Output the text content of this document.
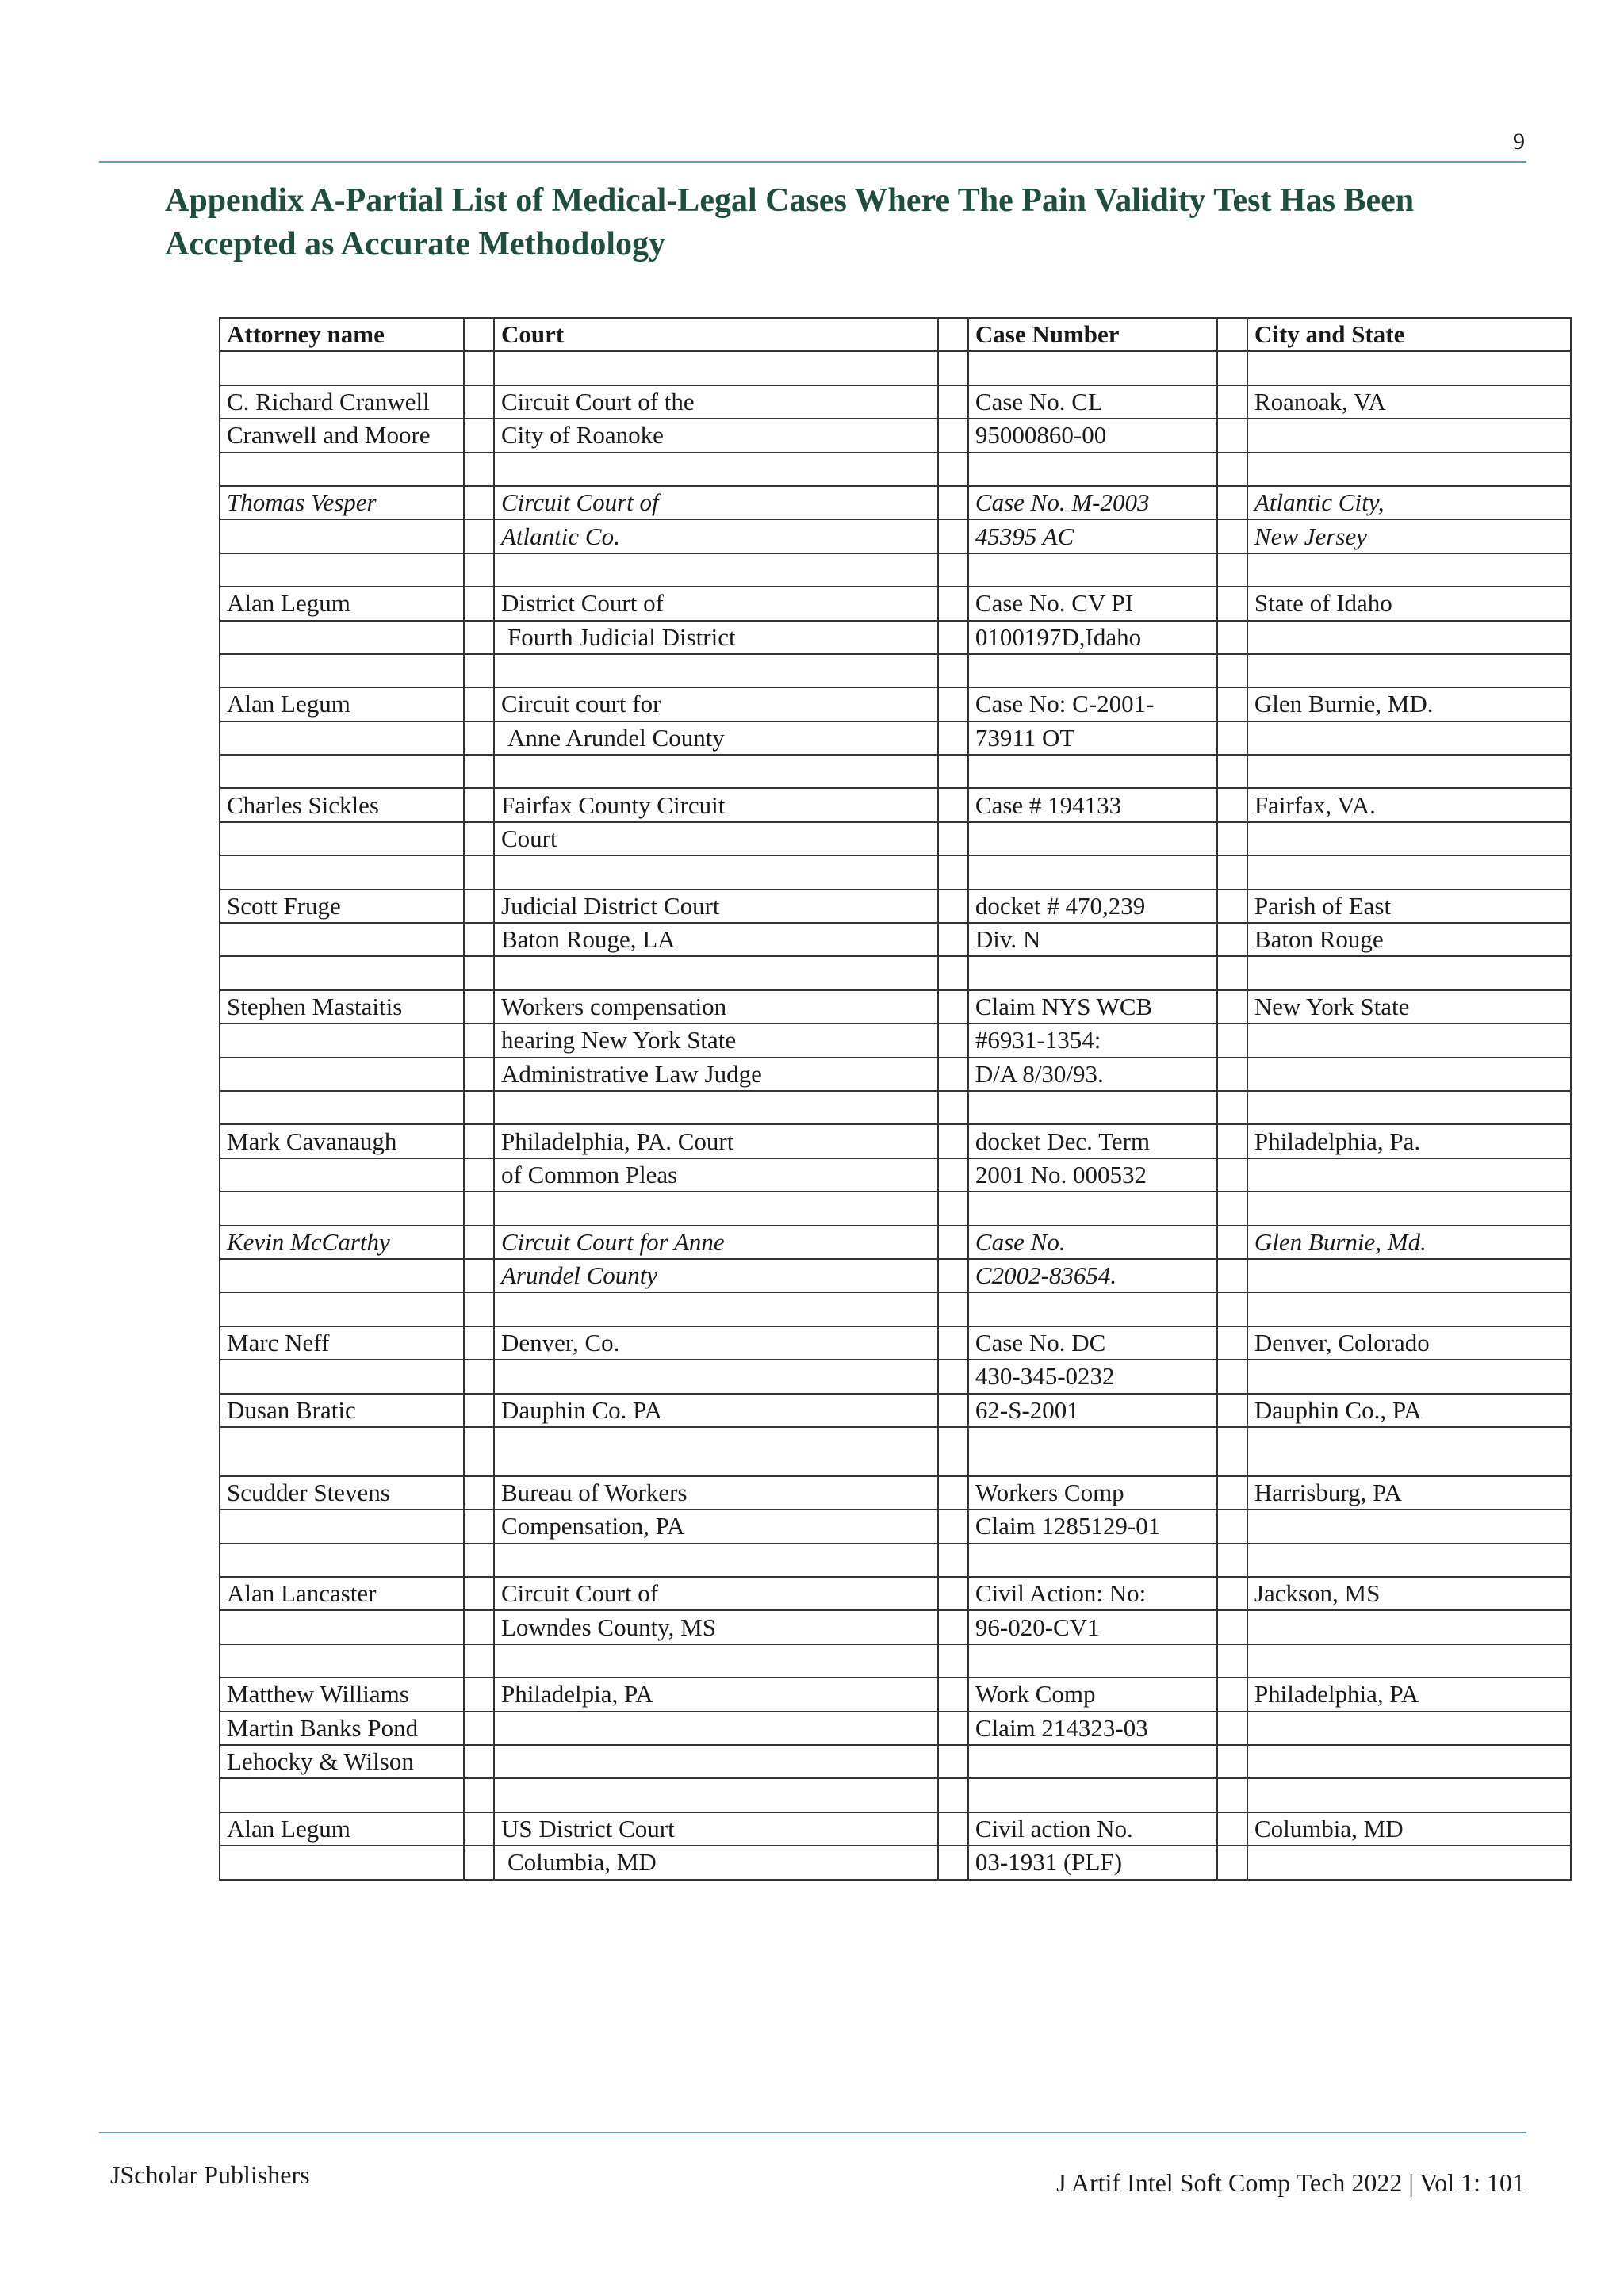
9
Appendix A-Partial List of Medical-Legal Cases Where The Pain Validity Test Has Been Accepted as Accurate Methodology
Attorney name		Court			Case Number			City and State	

C. Richard Cranwell		Circuit Court of the			Case No. CL			Roanoak, VA	
Cranwell and Moore		City of Roanoke			95000860-00				

Thomas Vesper		Circuit Court of			Case No. M-2003			Atlantic City,	
		Atlantic Co.			45395 AC			New Jersey	

Alan Legum		District Court of			Case No. CV PI			State of Idaho	
		Fourth Judicial District			0100197D,Idaho				

Alan Legum		Circuit court for			Case No: C-2001-			Glen Burnie, MD.	
		Anne Arundel County			73911 OT				

Charles Sickles		Fairfax County Circuit			Case # 194133			Fairfax, VA.	
		Court							

Scott Fruge		Judicial District Court			docket # 470,239			Parish of East	
		Baton Rouge, LA			Div. N			Baton Rouge	

Stephen Mastaitis		Workers compensation			Claim NYS WCB			New York State	
		hearing New York State			#6931-1354:				
		Administrative Law Judge			D/A 8/30/93.				

Mark Cavanaugh		Philadelphia, PA. Court			docket Dec. Term			Philadelphia, Pa.	
		of Common Pleas			2001 No. 000532				

Kevin McCarthy		Circuit Court for Anne			Case No.			Glen Burnie, Md.	
		Arundel County			C2002-83654.				

Marc Neff		Denver, Co.			Case No. DC			Denver, Colorado	
					430-345-0232				
Dusan Bratic		Dauphin Co. PA			62-S-2001			Dauphin Co., PA	

Scudder Stevens		Bureau of Workers			Workers Comp			Harrisburg, PA	
		Compensation, PA			Claim 1285129-01				

Alan Lancaster		Circuit Court of			Civil Action: No:			Jackson, MS	
		Lowndes County, MS			96-020-CV1				

Matthew Williams		Philadelpia, PA			Work Comp			Philadelphia, PA	
Martin Banks Pond					Claim 214323-03				
Lehocky & Wilson									

Alan Legum		US District Court			Civil action No.			Columbia, MD	
		Columbia, MD			03-1931 (PLF)				
JScholar Publishers	J Artif Intel Soft Comp Tech 2022 | Vol 1: 101
